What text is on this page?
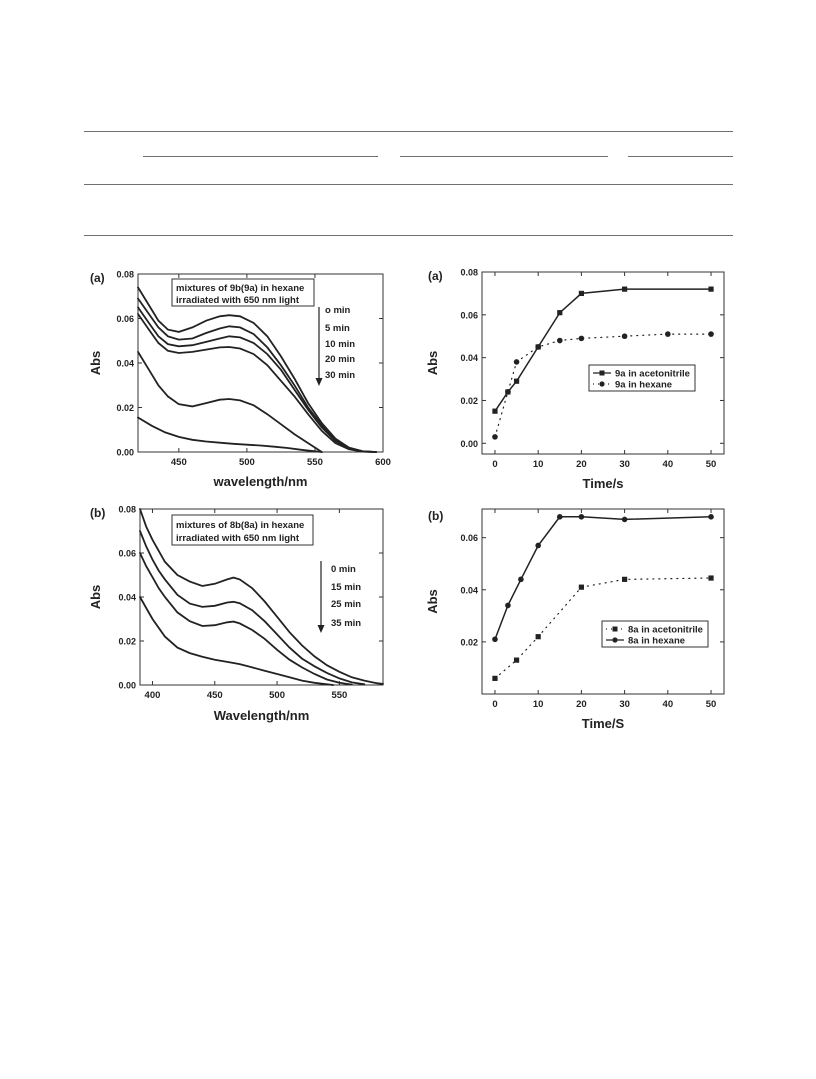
450	500	550	600
0.00
0.02
0.04
0.06
0.08
wavelength/nm
Abs
(a)
mixtures of 9b(9a) in hexane
irradiated with 650 nm light
o min
5 min
10 min
20 min
30 min
400	450	500	550
0.00
0.02
0.04
0.06
0.08
Wavelength/nm
Abs
(b)
mixtures of 8b(8a) in hexane
irradiated with 650 nm light
0 min
15 min
25 min
35 min
0	10	20	30	40	50
0.00
0.02
0.04
0.06
0.08
Time/s
Abs
(a)
9a in acetonitrile
9a in hexane
0	10	20	30	40	50
0.02
0.04
0.06
Time/S
Abs
(b)
8a in acetonitrile
8a in hexane
